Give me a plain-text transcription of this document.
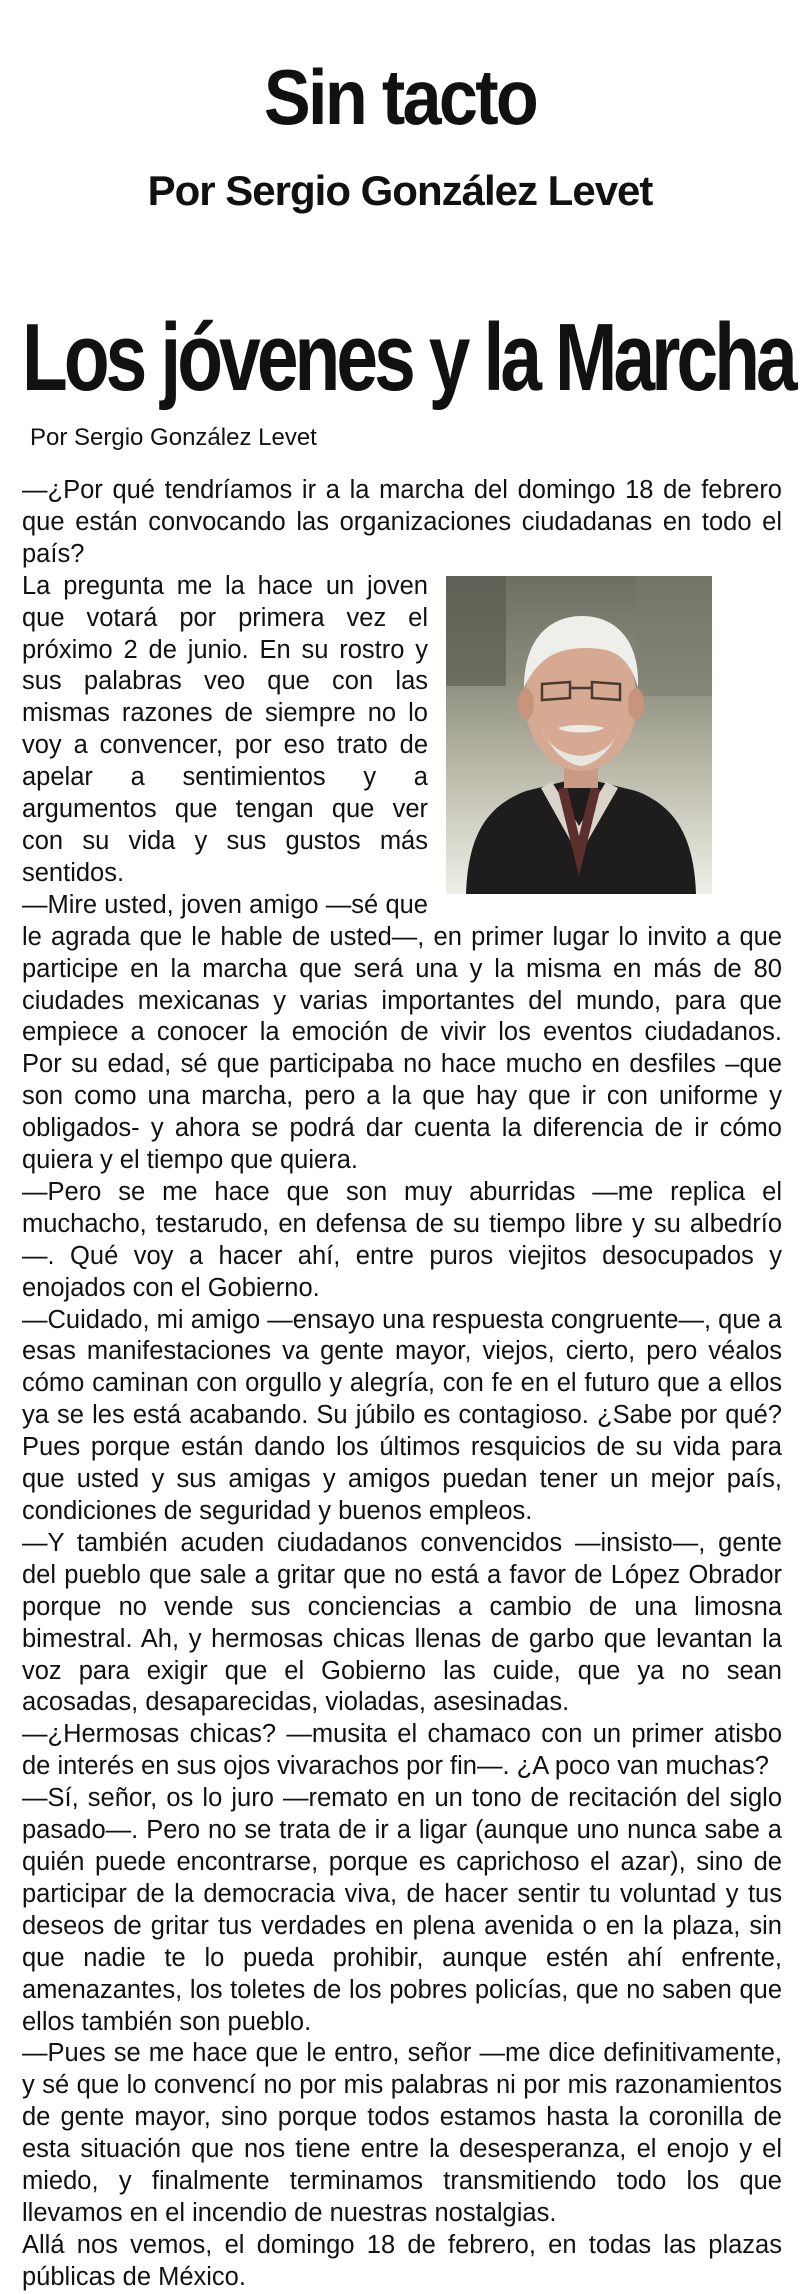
Sin tacto
Por Sergio González Levet
Los jóvenes y la Marcha
Por Sergio González Levet

—¿Por qué tendríamos ir a la marcha del domingo 18 de febrero que están convocando las organizaciones ciudadanas en todo el país?

La pregunta me la hace un joven que votará por primera vez el próximo 2 de junio. En su rostro y sus palabras veo que con las mismas razones de siempre no lo voy a convencer, por eso trato de apelar a sentimientos y a argumentos que tengan que ver con su vida y sus gustos más sentidos.

—Mire usted, joven amigo —sé que le agrada que le hable de usted—, en primer lugar lo invito a que participe en la marcha que será una y la misma en más de 80 ciudades mexicanas y varias importantes del mundo, para que empiece a conocer la emoción de vivir los eventos ciudadanos. Por su edad, sé que participaba no hace mucho en desfiles –que son como una marcha, pero a la que hay que ir con uniforme y obligados- y ahora se podrá dar cuenta la diferencia de ir cómo quiera y el tiempo que quiera.

—Pero se me hace que son muy aburridas —me replica el muchacho, testarudo, en defensa de su tiempo libre y su albedrío—. Qué voy a hacer ahí, entre puros viejitos desocupados y enojados con el Gobierno.

—Cuidado, mi amigo —ensayo una respuesta congruente—, que a esas manifestaciones va gente mayor, viejos, cierto, pero véalos cómo caminan con orgullo y alegría, con fe en el futuro que a ellos ya se les está acabando. Su júbilo es contagioso. ¿Sabe por qué? Pues porque están dando los últimos resquicios de su vida para que usted y sus amigas y amigos puedan tener un mejor país, condiciones de seguridad y buenos empleos.

—Y también acuden ciudadanos convencidos —insisto—, gente del pueblo que sale a gritar que no está a favor de López Obrador porque no vende sus conciencias a cambio de una limosna bimestral. Ah, y hermosas chicas llenas de garbo que levantan la voz para exigir que el Gobierno las cuide, que ya no sean acosadas, desaparecidas, violadas, asesinadas.

—¿Hermosas chicas? —musita el chamaco con un primer atisbo de interés en sus ojos vivarachos por fin—. ¿A poco van muchas?

—Sí, señor, os lo juro —remato en un tono de recitación del siglo pasado—. Pero no se trata de ir a ligar (aunque uno nunca sabe a quién puede encontrarse, porque es caprichoso el azar), sino de participar de la democracia viva, de hacer sentir tu voluntad y tus deseos de gritar tus verdades en plena avenida o en la plaza, sin que nadie te lo pueda prohibir, aunque estén ahí enfrente, amenazantes, los toletes de los pobres policías, que no saben que ellos también son pueblo.

—Pues se me hace que le entro, señor —me dice definitivamente, y sé que lo convencí no por mis palabras ni por mis razonamientos de gente mayor, sino porque todos estamos hasta la coronilla de esta situación que nos tiene entre la desesperanza, el enojo y el miedo, y finalmente terminamos transmitiendo todo los que llevamos en el incendio de nuestras nostalgias.

Allá nos vemos, el domingo 18 de febrero, en todas las plazas públicas de México.
